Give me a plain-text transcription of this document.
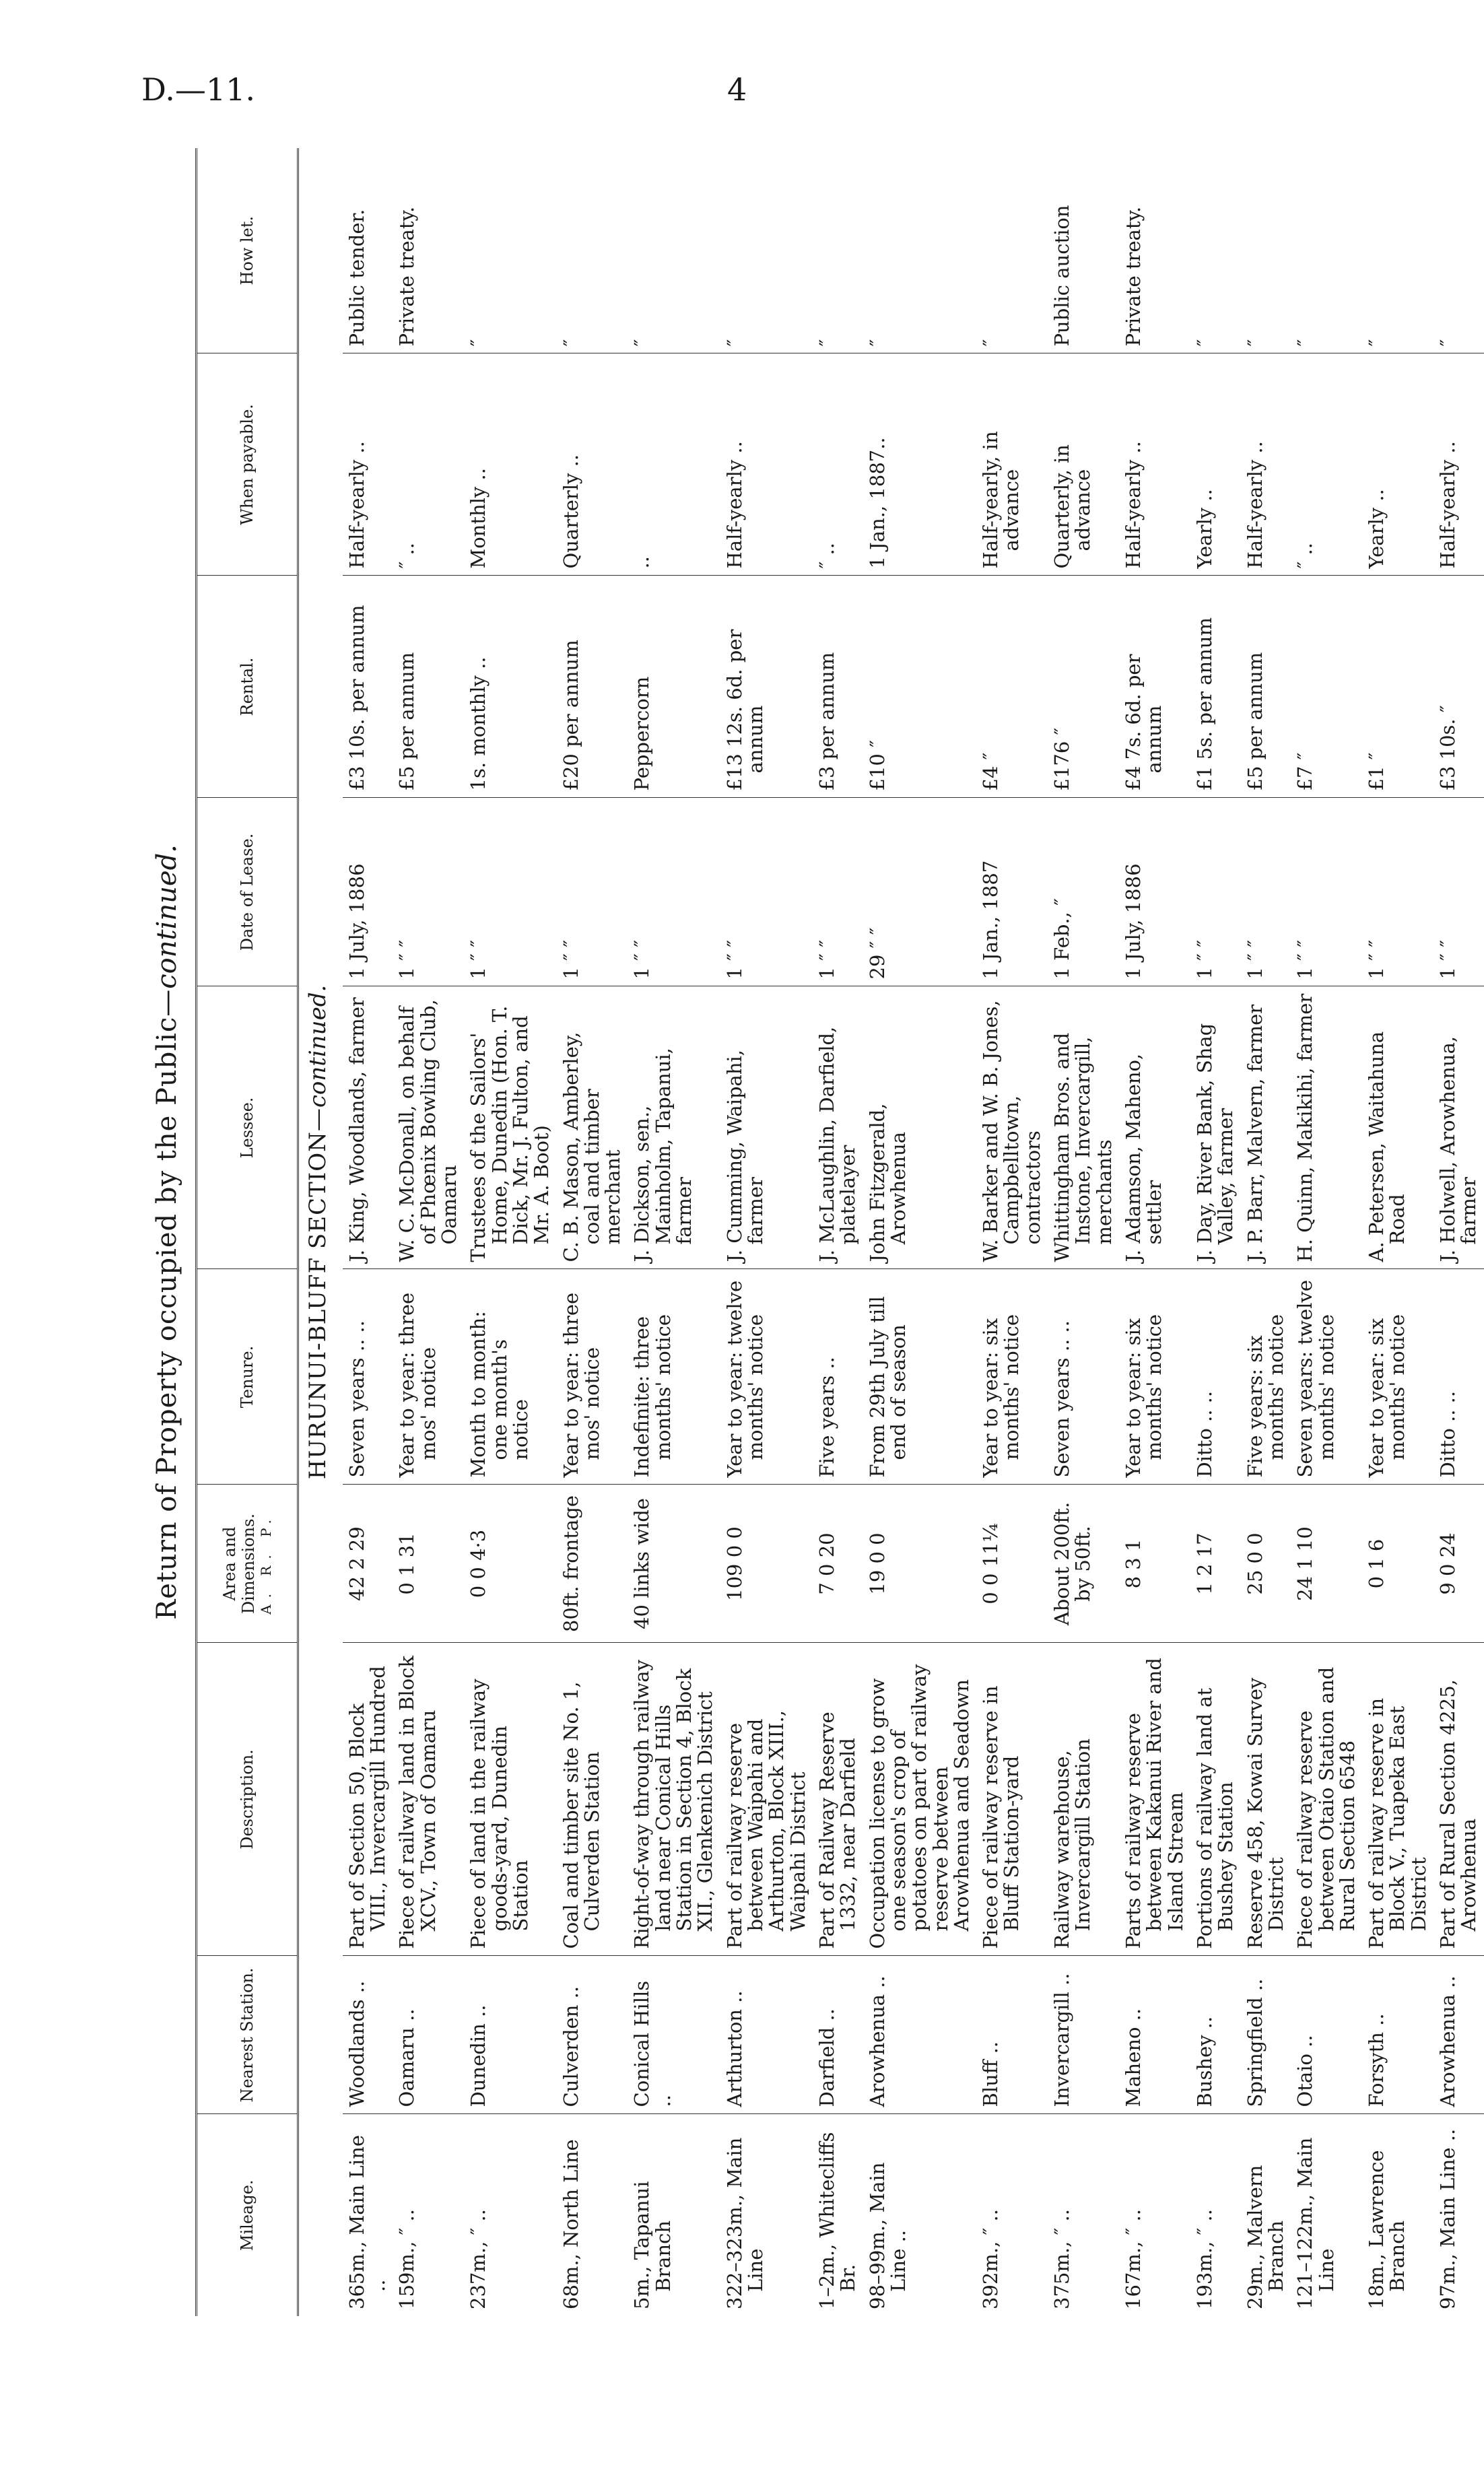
D.—11.	4
Return of Property occupied by the Public—continued.
Mileage.	Nearest Station.	Description.	Area and Dimensions. A. R. P.	Tenure.	Lessee.	Date of Lease.	Rental.	When payable.	How let.
HURUNUI-BLUFF SECTION—continued.									
365m., Main Line ..	Woodlands ..	Part of Section 50, Block VIII., Invercargill Hundred	42 2 29	Seven years .. ..	J. King, Woodlands, farmer	1 July, 1886	£3 10s. per annum	Half-yearly ..	Public tender.
159m., ″ ..	Oamaru ..	Piece of railway land in Block XCV., Town of Oamaru	0 1 31	Year to year: three mos' notice	W. C. McDonall, on behalf of Phœnix Bowling Club, Oamaru	1 ″ ″	£5 per annum	″ ..	Private treaty.
237m., ″ ..	Dunedin ..	Piece of land in the railway goods-yard, Dunedin Station	0 0 4·3	Month to month: one month's notice	Trustees of the Sailors' Home, Dunedin (Hon. T. Dick, Mr. J. Fulton, and Mr. A. Boot)	1 ″ ″	1s. monthly ..	Monthly ..	″
68m., North Line	Culverden ..	Coal and timber site No. 1, Culverden Station	80ft. frontage	Year to year: three mos' notice	C. B. Mason, Amberley, coal and timber merchant	1 ″ ″	£20 per annum	Quarterly ..	″
5m., Tapanui Branch	Conical Hills ..	Right-of-way through railway land near Conical Hills Station in Section 4, Block XII., Glenkenich District	40 links wide	Indefinite: three months' notice	J. Dickson, sen., Mainholm, Tapanui, farmer	1 ″ ″	Peppercorn	..	″
322–323m., Main Line	Arthurton ..	Part of railway reserve between Waipahi and Arthurton, Block XIII., Waipahi District	109 0 0	Year to year: twelve months' notice	J. Cumming, Waipahi, farmer	1 ″ ″	£13 12s. 6d. per annum	Half-yearly ..	″
1–2m., Whitecliffs Br.	Darfield ..	Part of Railway Reserve 1332, near Darfield	7 0 20	Five years ..	J. McLaughlin, Darfield, platelayer	1 ″ ″	£3 per annum	″ ..	″
98–99m., Main Line ..	Arowhenua ..	Occupation license to grow one season's crop of potatoes on part of railway reserve between Arowhenua and Seadown	19 0 0	From 29th July till end of season	John Fitzgerald, Arowhenua	29 ″ ″	£10 ″	1 Jan., 1887..	″
392m., ″ ..	Bluff ..	Piece of railway reserve in Bluff Station-yard	0 0 11¼	Year to year: six months' notice	W. Barker and W. B. Jones, Campbelltown, contractors	1 Jan., 1887	£4 ″	Half-yearly, in advance	″
375m., ″ ..	Invercargill ..	Railway warehouse, Invercargill Station	About 200ft. by 50ft.	Seven years .. ..	Whittingham Bros. and Instone, Invercargill, merchants	1 Feb., ″	£176 ″	Quarterly, in advance	Public auction
167m., ″ ..	Maheno ..	Parts of railway reserve between Kakanui River and Island Stream	8 3 1	Year to year: six months' notice	J. Adamson, Maheno, settler	1 July, 1886	£4 7s. 6d. per annum	Half-yearly ..	Private treaty.
193m., ″ ..	Bushey ..	Portions of railway land at Bushey Station	1 2 17	Ditto .. ..	J. Day, River Bank, Shag Valley, farmer	1 ″ ″	£1 5s. per annum	Yearly ..	″
29m., Malvern Branch	Springfield ..	Reserve 458, Kowai Survey District	25 0 0	Five years: six months' notice	J. P. Barr, Malvern, farmer	1 ″ ″	£5 per annum	Half-yearly ..	″
121–122m., Main Line	Otaio ..	Piece of railway reserve between Otaio Station and Rural Section 6548	24 1 10	Seven years: twelve months' notice	H. Quinn, Makikihi, farmer	1 ″ ″	£7 ″	″ ..	″
18m., Lawrence Branch	Forsyth ..	Part of railway reserve in Block V., Tuapeka East District	0 1 6	Year to year: six months' notice	A. Petersen, Waitahuna Road	1 ″ ″	£1 ″	Yearly ..	″
97m., Main Line ..	Arowhenua ..	Part of Rural Section 4225, Arowhenua	9 0 24	Ditto .. ..	J. Holwell, Arowhenua, farmer	1 ″ ″	£3 10s. ″	Half-yearly ..	″
